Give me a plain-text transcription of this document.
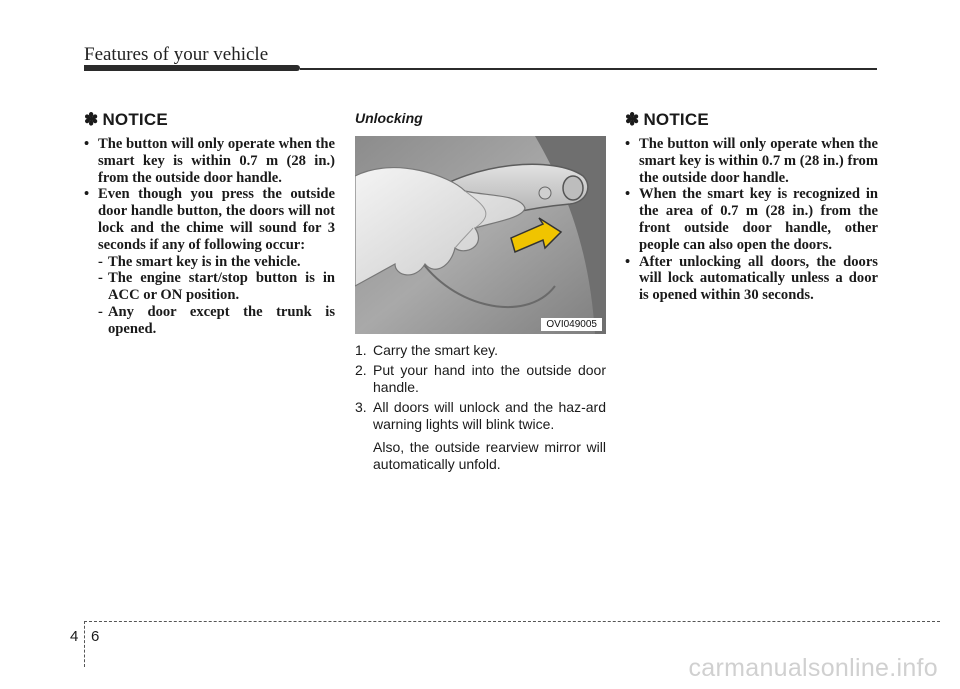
Features of your vehicle
✽ NOTICE
• The button will only operate when the smart key is within 0.7 m (28 in.) from the outside door handle.
• Even though you press the outside door handle button, the doors will not lock and the chime will sound for 3 seconds if any of following occur:
- The smart key is in the vehicle.
- The engine start/stop button is in ACC or ON position.
- Any door except the trunk is opened.
Unlocking
OVI049005
1. Carry the smart key.
2. Put your hand into the outside door handle.
3. All doors will unlock and the haz-ard warning lights will blink twice.
Also, the outside rearview mirror will automatically unfold.
✽ NOTICE
• The button will only operate when the smart key is within 0.7 m (28 in.) from the outside door handle.
• When the smart key is recognized in the area of 0.7 m (28 in.) from the front outside door handle, other people can also open the doors.
• After unlocking all doors, the doors will lock automatically unless a door is opened within 30 seconds.
4 6
carmanualsonline.info
